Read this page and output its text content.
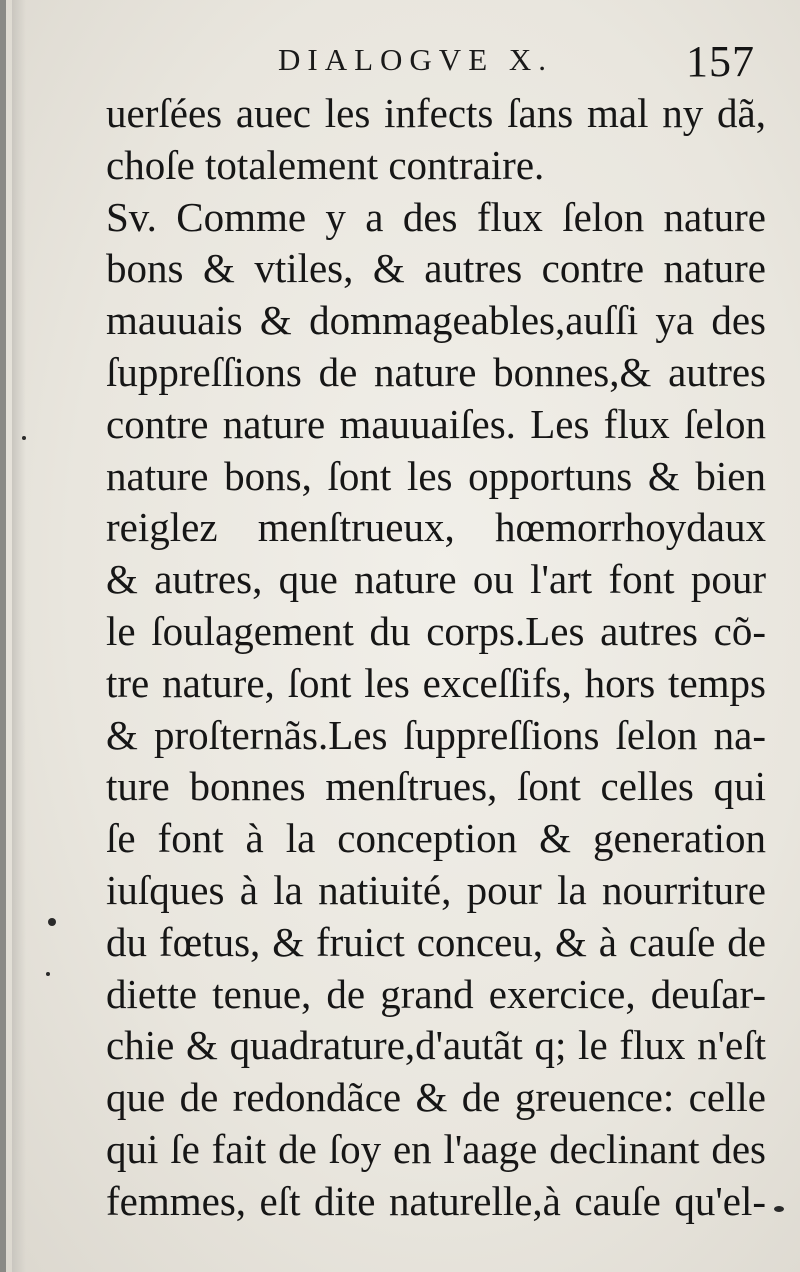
DIALOGVE X.	157
uerſées auec les infects ſans mal ny dã,
choſe totalement contraire.
Sv. Comme y a des flux ſelon nature
bons & vtiles, & autres contre nature
mauuais & dommageables,auſſi ya des
ſuppreſſions de nature bonnes,& autres
contre nature mauuaiſes. Les flux ſelon
nature bons, ſont les opportuns & bien
reiglez menſtrueux, hœmorrhoydaux
& autres, que nature ou l'art font pour
le ſoulagement du corps.Les autres cõ-
tre nature, ſont les exceſſifs, hors temps
& proſternãs.Les ſuppreſſions ſelon na-
ture bonnes menſtrues, ſont celles qui
ſe font à la conception & generation
iuſques à la natiuité, pour la nourriture
du fœtus, & fruict conceu, & à cauſe de
diette tenue, de grand exercice, deuſar-
chie & quadrature,d'autãt q; le flux n'eſt
que de redondãce & de greuence: celle
qui ſe fait de ſoy en l'aage declinant des
femmes, eſt dite naturelle,à cauſe qu'el-
